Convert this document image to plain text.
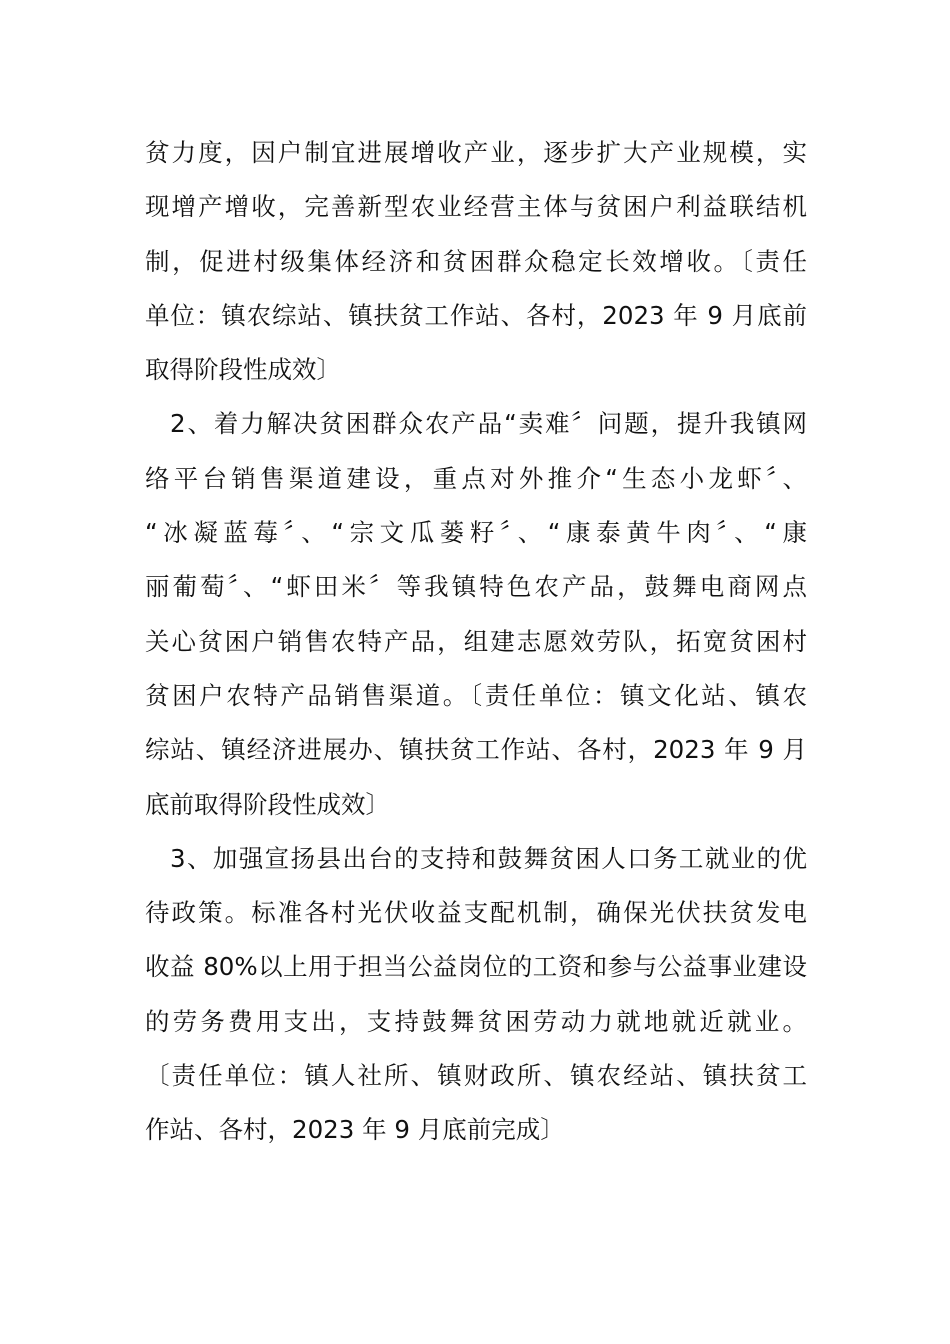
贫力度，因户制宜进展增收产业，逐步扩大产业规模，实
现增产增收，完善新型农业经营主体与贫困户利益联结机
制，促进村级集体经济和贫困群众稳定长效增收。〔责任
单位：镇农综站、镇扶贫工作站、各村，2023 年 9 月底前
取得阶段性成效〕
2、着力解决贫困群众农产品“卖难〞问题，提升我镇网
络平台销售渠道建设，重点对外推介“生态小龙虾〞、
“冰凝蓝莓〞、“宗文瓜蒌籽〞、“康泰黄牛肉〞、“康
丽葡萄〞、“虾田米〞等我镇特色农产品，鼓舞电商网点
关心贫困户销售农特产品，组建志愿效劳队，拓宽贫困村
贫困户农特产品销售渠道。〔责任单位：镇文化站、镇农
综站、镇经济进展办、镇扶贫工作站、各村，2023 年 9 月
底前取得阶段性成效〕
3、加强宣扬县出台的支持和鼓舞贫困人口务工就业的优
待政策。标准各村光伏收益支配机制，确保光伏扶贫发电
收益 80%以上用于担当公益岗位的工资和参与公益事业建设
的劳务费用支出，支持鼓舞贫困劳动力就地就近就业。
〔责任单位：镇人社所、镇财政所、镇农经站、镇扶贫工
作站、各村，2023 年 9 月底前完成〕
